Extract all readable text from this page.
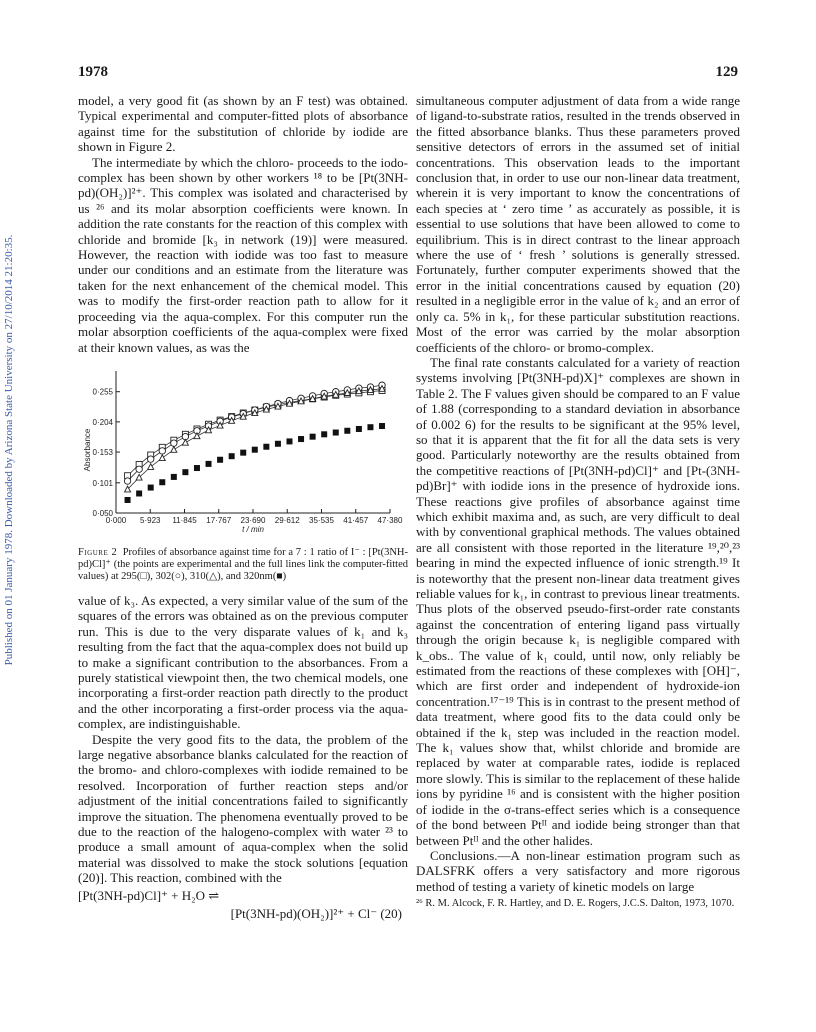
1978	129
Published on 01 January 1978. Downloaded by Arizona State University on 27/10/2014 21:20:35.

model, a very good fit (as shown by an F test) was obtained. Typical experimental and computer-fitted plots of absorbance against time for the substitution of chloride by iodide are shown in Figure 2.

The intermediate by which the chloro- proceeds to the iodo-complex has been shown by other workers ¹⁸ to be [Pt(3NH-pd)(OH₂)]²⁺. This complex was isolated and characterised by us ²⁶ and its molar absorption coefficients were known. In addition the rate constants for the reaction of this complex with chloride and bromide [k₃ in network (19)] were measured. However, the reaction with iodide was too fast to measure under our conditions and an estimate from the literature was taken for the next enhancement of the chemical model. This was to modify the first-order reaction path to allow for it proceeding via the aqua-complex. For this computer run the molar absorption coefficients of the aqua-complex were fixed at their known values, as was the

0·050
0·101
0·153
0·204
0·255
0·000 5·923 11·845 17·767 23·690 29·612 35·535 41·457 47·380
t / min
Absorbance
Figure 2 Profiles of absorbance against time for a 7 : 1 ratio of I⁻ : [Pt(3NH-pd)Cl]⁺ (the points are experimental and the full lines link the computer-fitted values) at 295(□), 302(○), 310(△), and 320nm(■)

value of k₃. As expected, a very similar value of the sum of the squares of the errors was obtained as on the previous computer run. This is due to the very disparate values of k₁ and k₃ resulting from the fact that the aqua-complex does not build up to make a significant contribution to the absorbances. From a purely statistical viewpoint then, the two chemical models, one incorporating a first-order reaction path directly to the product and the other incorporating a first-order process via the aqua-complex, are indistinguishable.

Despite the very good fits to the data, the problem of the large negative absorbance blanks calculated for the reaction of the bromo- and chloro-complexes with iodide remained to be resolved. Incorporation of further reaction steps and/or adjustment of the initial concentrations failed to significantly improve the situation. The phenomena eventually proved to be due to the reaction of the halogeno-complex with water ²³ to produce a small amount of aqua-complex when the solid material was dissolved to make the stock solutions [equation (20)]. This reaction, combined with the

[Pt(3NH-pd)Cl]⁺ + H₂O ⇌
[Pt(3NH-pd)(OH₂)]²⁺ + Cl⁻ (20)

simultaneous computer adjustment of data from a wide range of ligand-to-substrate ratios, resulted in the trends observed in the fitted absorbance blanks. Thus these parameters proved sensitive detectors of errors in the assumed set of initial concentrations. This observation leads to the important conclusion that, in order to use our non-linear data treatment, wherein it is very important to know the concentrations of each species at ‘ zero time ’ as accurately as possible, it is essential to use solutions that have been allowed to come to equilibrium. This is in direct contrast to the linear approach where the use of ‘ fresh ’ solutions is generally stressed. Fortunately, further computer experiments showed that the error in the initial concentrations caused by equation (20) resulted in a negligible error in the value of k₂ and an error of only ca. 5% in k₁, for these particular substitution reactions. Most of the error was carried by the molar absorption coefficients of the chloro- or bromo-complex.

The final rate constants calculated for a variety of reaction systems involving [Pt(3NH-pd)X]⁺ complexes are shown in Table 2. The F values given should be compared to an F value of 1.88 (corresponding to a standard deviation in absorbance of 0.002 6) for the results to be significant at the 95% level, so that it is apparent that the fit for all the data sets is very good. Particularly noteworthy are the results obtained from the competitive reactions of [Pt(3NH-pd)Cl]⁺ and [Pt-(3NH-pd)Br]⁺ with iodide ions in the presence of hydroxide ions. These reactions give profiles of absorbance against time which exhibit maxima and, as such, are very difficult to deal with by conventional graphical methods. The values obtained are all consistent with those reported in the literature ¹⁹,²⁰,²³ bearing in mind the expected influence of ionic strength.¹⁹ It is noteworthy that the present non-linear data treatment gives reliable values for k₁, in contrast to previous linear treatments. Thus plots of the observed pseudo-first-order rate constants against the concentration of entering ligand pass virtually through the origin because k₁ is negligible compared with k_obs.. The value of k₁ could, until now, only reliably be estimated from the reactions of these complexes with [OH]⁻, which are first order and independent of hydroxide-ion concentration.¹⁷⁻¹⁹ This is in contrast to the present method of data treatment, where good fits to the data could only be obtained if the k₁ step was included in the reaction model. The k₁ values show that, whilst chloride and bromide are replaced by water at comparable rates, iodide is replaced more slowly. This is similar to the replacement of these halide ions by pyridine ¹⁶ and is consistent with the higher position of iodide in the σ-trans-effect series which is a consequence of the bond between Ptᴵᴵ and iodide being stronger than that between Ptᴵᴵ and the other halides.

Conclusions.—A non-linear estimation program such as DALSFRK offers a very satisfactory and more rigorous method of testing a variety of kinetic models on large

²⁶ R. M. Alcock, F. R. Hartley, and D. E. Rogers, J.C.S. Dalton, 1973, 1070.
